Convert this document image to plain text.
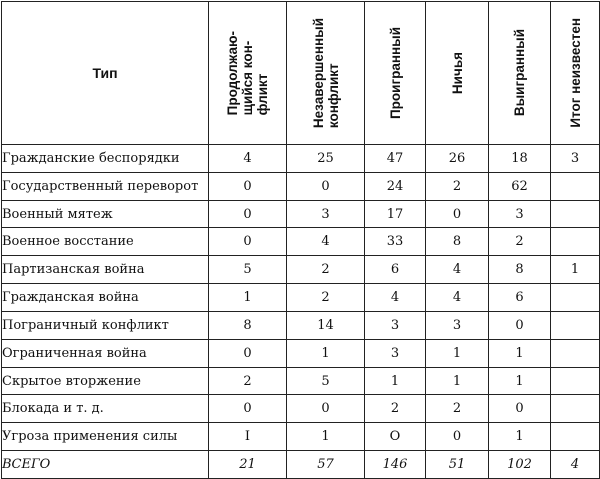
Тип	Продолжаю-
щийся кон-
фликт	Незавершенный
конфликт	Проигранный	Ничья	Выигранный	Итог неизвестен

Гражданские беспорядки	4	25	47	26	18	3
Государственный переворот	0	0	24	2	62	
Военный мятеж	0	3	17	0	3	
Военное восстание	0	4	33	8	2	
Партизанская война	5	2	6	4	8	1
Гражданская война	1	2	4	4	6	
Пограничный конфликт	8	14	3	3	0	
Ограниченная война	0	1	3	1	1	
Скрытое вторжение	2	5	1	1	1	
Блокада и т. д.	0	0	2	2	0	
Угроза применения силы	I	1	O	0	1	
ВСЕГО	21	57	146	51	102	4
